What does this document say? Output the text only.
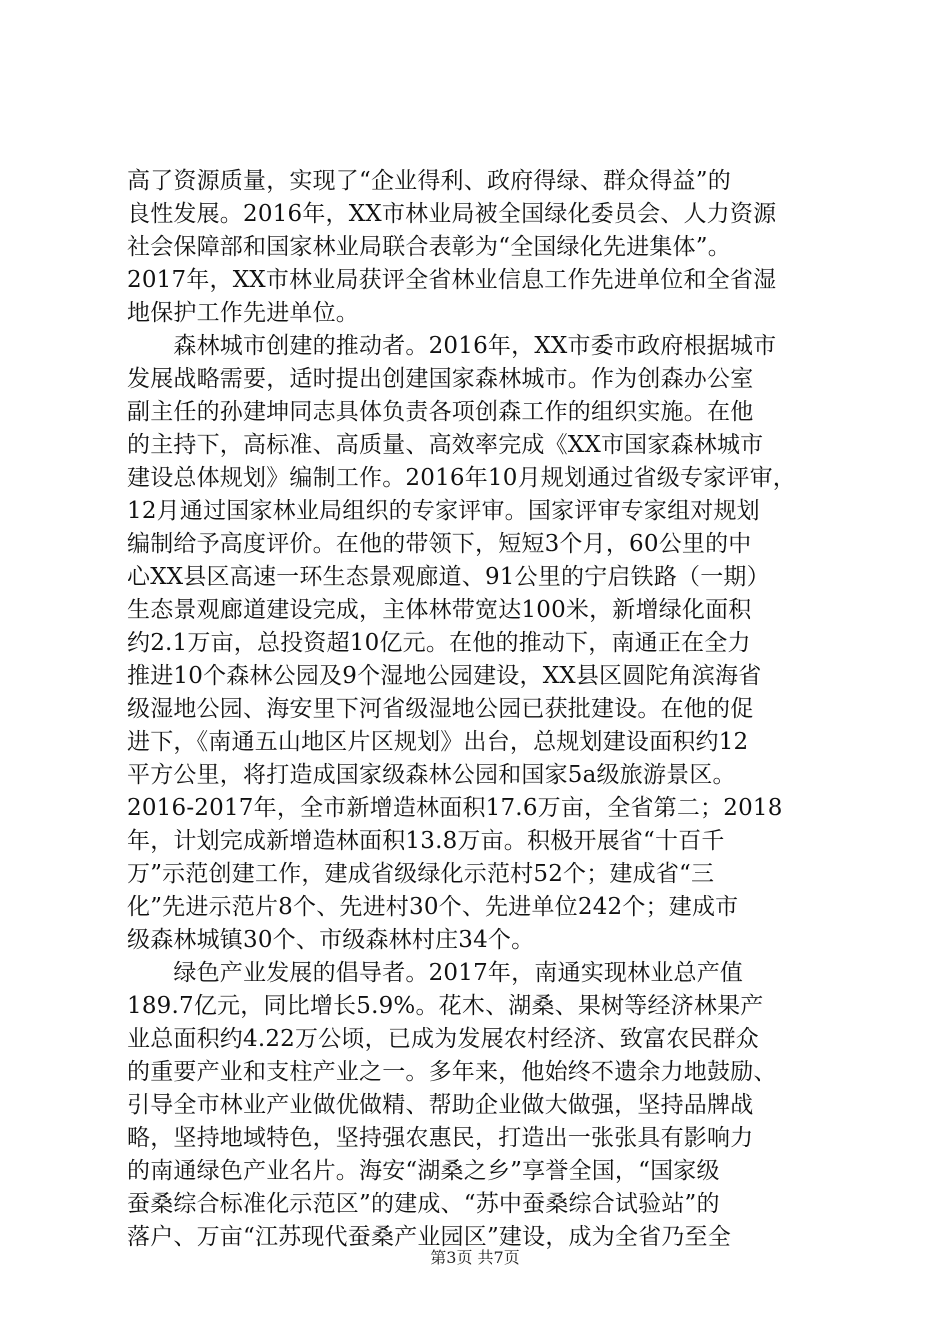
高了资源质量，实现了“企业得利、政府得绿、群众得益”的
良性发展。2016年，XX市林业局被全国绿化委员会、人力资源
社会保障部和国家林业局联合表彰为“全国绿化先进集体”。
2017年，XX市林业局获评全省林业信息工作先进单位和全省湿
地保护工作先进单位。
　　森林城市创建的推动者。2016年，XX市委市政府根据城市
发展战略需要，适时提出创建国家森林城市。作为创森办公室
副主任的孙建坤同志具体负责各项创森工作的组织实施。在他
的主持下，高标准、高质量、高效率完成《XX市国家森林城市
建设总体规划》编制工作。2016年10月规划通过省级专家评审，
12月通过国家林业局组织的专家评审。国家评审专家组对规划
编制给予高度评价。在他的带领下，短短3个月，60公里的中
心XX县区高速一环生态景观廊道、91公里的宁启铁路（一期）
生态景观廊道建设完成，主体林带宽达100米，新增绿化面积
约2.1万亩，总投资超10亿元。在他的推动下，南通正在全力
推进10个森林公园及9个湿地公园建设，XX县区圆陀角滨海省
级湿地公园、海安里下河省级湿地公园已获批建设。在他的促
进下，《南通五山地区片区规划》出台，总规划建设面积约12
平方公里，将打造成国家级森林公园和国家5a级旅游景区。
2016-2017年，全市新增造林面积17.6万亩，全省第二；2018
年，计划完成新增造林面积13.8万亩。积极开展省“十百千
万”示范创建工作，建成省级绿化示范村52个；建成省“三
化”先进示范片8个、先进村30个、先进单位242个；建成市
级森林城镇30个、市级森林村庄34个。
　　绿色产业发展的倡导者。2017年，南通实现林业总产值
189.7亿元，同比增长5.9%。花木、湖桑、果树等经济林果产
业总面积约4.22万公顷，已成为发展农村经济、致富农民群众
的重要产业和支柱产业之一。多年来，他始终不遗余力地鼓励、
引导全市林业产业做优做精、帮助企业做大做强，坚持品牌战
略，坚持地域特色，坚持强农惠民，打造出一张张具有影响力
的南通绿色产业名片。海安“湖桑之乡”享誉全国，“国家级
蚕桑综合标准化示范区”的建成、“苏中蚕桑综合试验站”的
落户、万亩“江苏现代蚕桑产业园区”建设，成为全省乃至全
第3页 共7页
